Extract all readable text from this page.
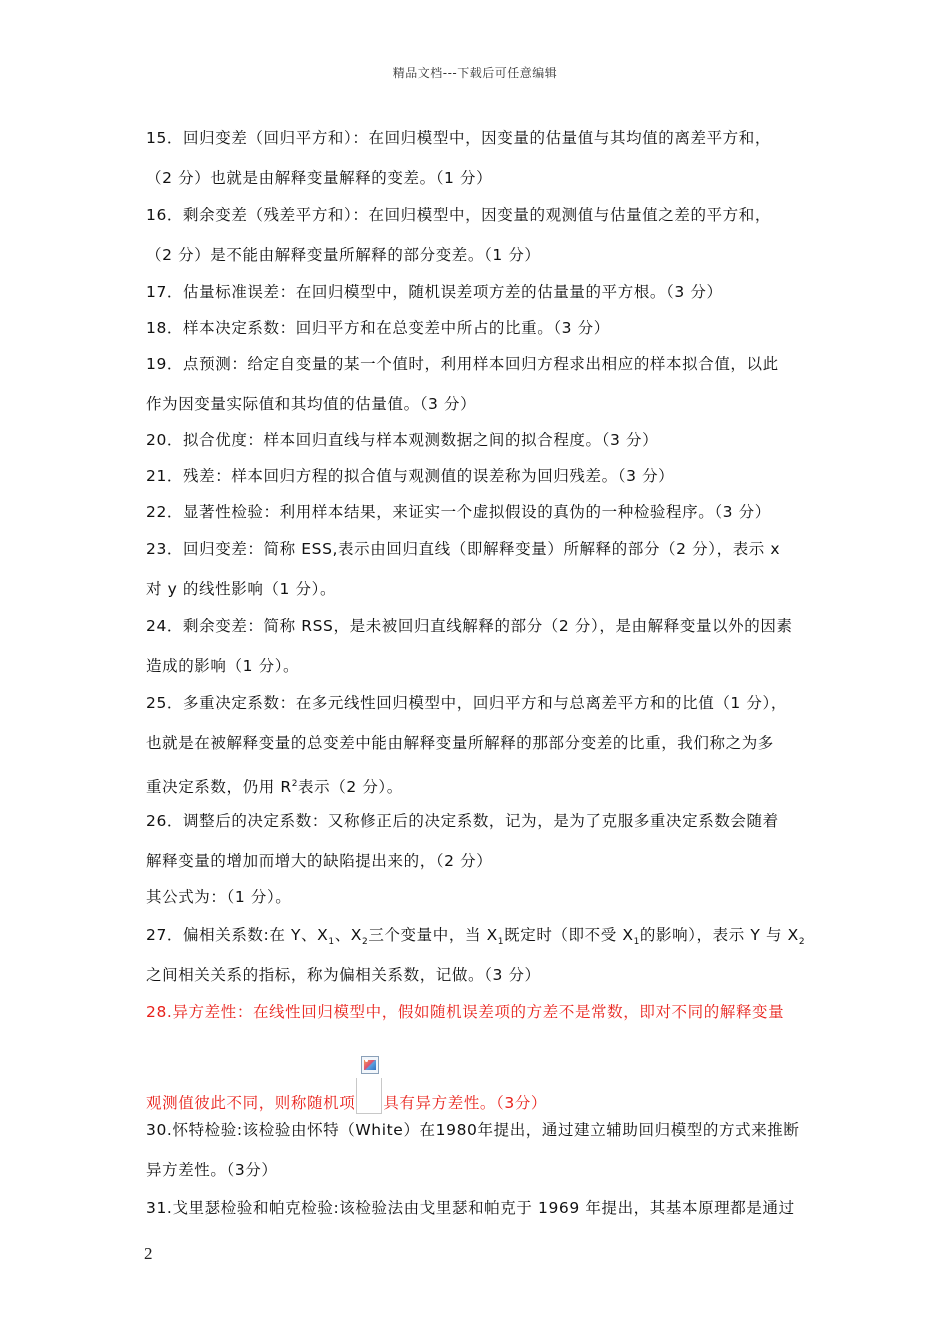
精品文档---下载后可任意编辑
15．回归变差（回归平方和）：在回归模型中，因变量的估量值与其均值的离差平方和，
（2 分）也就是由解释变量解释的变差。（1 分）
16．剩余变差（残差平方和）：在回归模型中，因变量的观测值与估量值之差的平方和，
（2 分）是不能由解释变量所解释的部分变差。（1 分）
17．估量标准误差：在回归模型中，随机误差项方差的估量量的平方根。（3 分）
18．样本决定系数：回归平方和在总变差中所占的比重。（3 分）
19．点预测：给定自变量的某一个值时，利用样本回归方程求出相应的样本拟合值，以此
作为因变量实际值和其均值的估量值。（3 分）
20．拟合优度：样本回归直线与样本观测数据之间的拟合程度。（3 分）
21．残差：样本回归方程的拟合值与观测值的误差称为回归残差。（3 分）
22．显著性检验：利用样本结果，来证实一个虚拟假设的真伪的一种检验程序。（3 分）
23．回归变差：简称 ESS,表示由回归直线（即解释变量）所解释的部分（2 分），表示 x
对 y 的线性影响（1 分）。
24．剩余变差：简称 RSS，是未被回归直线解释的部分（2 分），是由解释变量以外的因素
造成的影响（1 分）。
25．多重决定系数：在多元线性回归模型中，回归平方和与总离差平方和的比值（1 分），
也就是在被解释变量的总变差中能由解释变量所解释的那部分变差的比重，我们称之为多
重决定系数，仍用 $R^2$表示（2 分）。
26．调整后的决定系数：又称修正后的决定系数，记为，是为了克服多重决定系数会随着
解释变量的增加而增大的缺陷提出来的，（2 分）
其公式为：（1 分）。
27．偏相关系数:在 Y、$X_1$、$X_2$三个变量中，当 $X_1$既定时（即不受 $X_1$的影响），表示 Y 与 $X_2$
之间相关关系的指标，称为偏相关系数，记做。（3 分）
28.异方差性：在线性回归模型中，假如随机误差项的方差不是常数，即对不同的解释变量
观测值彼此不同，则称随机项 具有异方差性。（3分）
30.怀特检验:该检验由怀特（White）在1980年提出，通过建立辅助回归模型的方式来推断
异方差性。（3分）
31.戈里瑟检验和帕克检验:该检验法由戈里瑟和帕克于 1969 年提出，其基本原理都是通过
2
